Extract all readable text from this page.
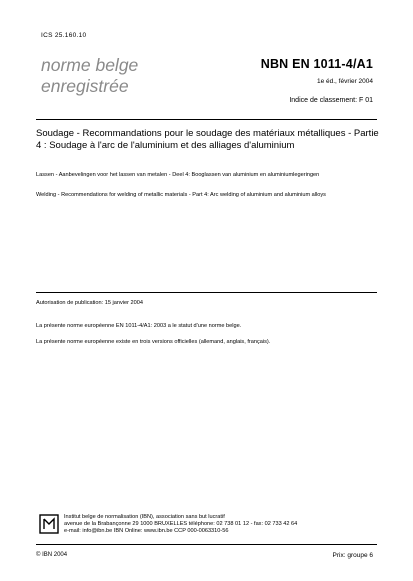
ICS 25.160.10
norme belge
enregistrée
NBN EN 1011-4/A1
1e éd., février 2004
Indice de classement: F 01
Soudage - Recommandations pour le soudage des matériaux métalliques - Partie 4 : Soudage à l'arc de l'aluminium et des alliages d'aluminium
Lassen - Aanbevelingen voor het lassen van metalen - Deel 4: Booglassen van aluminium en aluminiumlegeringen
Welding - Recommendations for welding of metallic materials - Part 4: Arc welding of aluminium and aluminium alloys
Autorisation de publication: 15 janvier 2004
La présente norme européenne EN 1011-4/A1: 2003 a le statut d'une norme belge.
La présente norme européenne existe en trois versions officielles (allemand, anglais, français).
Institut belge de normalisation (IBN), association sans but lucratif
avenue de la Brabançonne 29 1000 BRUXELLES téléphone: 02 738 01 12 - fax: 02 733 42 64
e-mail: info@ibn.be IBN Online: www.ibn.be CCP 000-0063310-56
© IBN 2004	Prix: groupe 6
